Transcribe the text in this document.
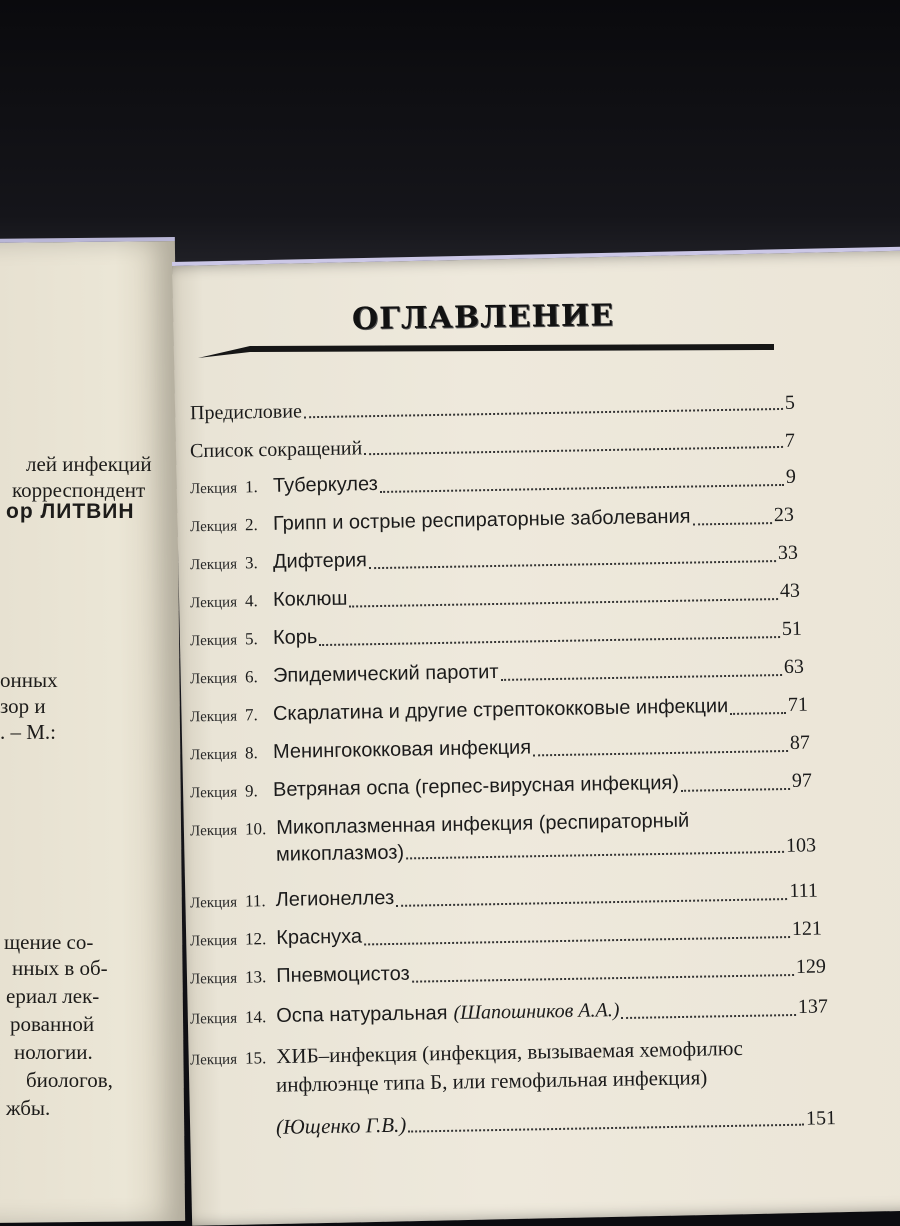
лей инфекций
корреспондент
ор ЛИТВИН
онных
зор и
. – М.:
щение со-
нных в об-
ериал лек-
рованной
нологии.
биологов,
жбы.
ОГЛАВЛЕНИЕ
Предисловие	5
Список сокращений	7
Лекция 1. Туберкулез	9
Лекция 2. Грипп и острые респираторные заболевания	23
Лекция 3. Дифтерия	33
Лекция 4. Коклюш	43
Лекция 5. Корь	51
Лекция 6. Эпидемический паротит	63
Лекция 7. Скарлатина и другие стрептококковые инфекции	71
Лекция 8. Менингококковая инфекция	87
Лекция 9. Ветряная оспа (герпес-вирусная инфекция)	97
Лекция 10. Микоплазменная инфекция (респираторный
микоплазмоз)	103
Лекция 11. Легионеллез	111
Лекция 12. Краснуха	121
Лекция 13. Пневмоцистоз	129
Лекция 14. Оспа натуральная (Шапошников А.А.)	137
Лекция 15. ХИБ–инфекция (инфекция, вызываемая хемофилюс
инфлюэнце типа Б, или гемофильная инфекция)
(Ющенко Г.В.)	151
